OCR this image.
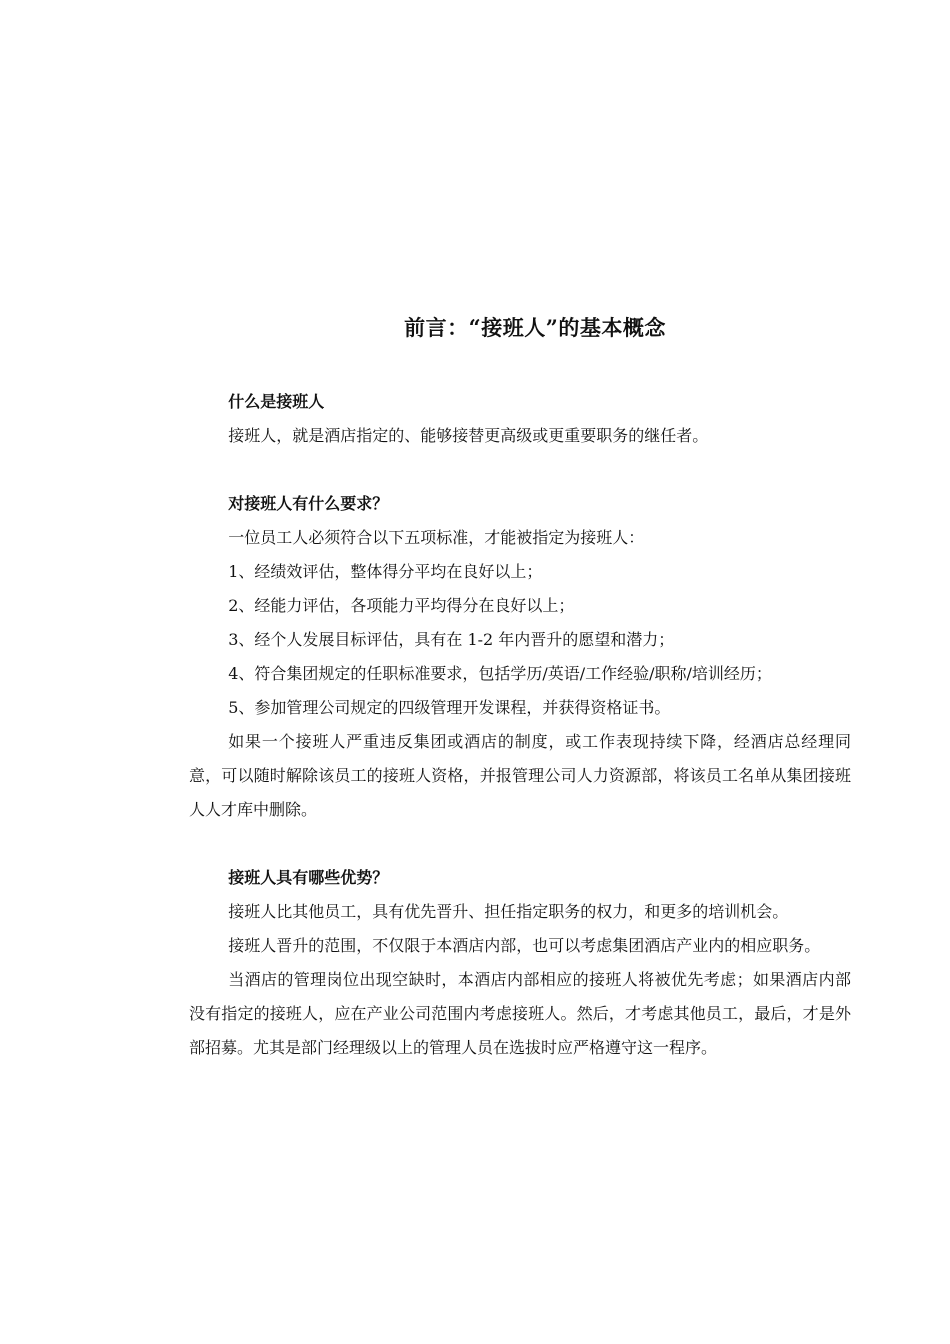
前言：“接班人”的基本概念

什么是接班人

接班人，就是酒店指定的、能够接替更高级或更重要职务的继任者。

对接班人有什么要求？

一位员工人必须符合以下五项标准，才能被指定为接班人：

1、经绩效评估，整体得分平均在良好以上；

2、经能力评估，各项能力平均得分在良好以上；

3、经个人发展目标评估，具有在 1-2 年内晋升的愿望和潜力；

4、符合集团规定的任职标准要求，包括学历/英语/工作经验/职称/培训经历；

5、参加管理公司规定的四级管理开发课程，并获得资格证书。

如果一个接班人严重违反集团或酒店的制度，或工作表现持续下降，经酒店总经理同意，可以随时解除该员工的接班人资格，并报管理公司人力资源部，将该员工名单从集团接班人人才库中删除。

接班人具有哪些优势？

接班人比其他员工，具有优先晋升、担任指定职务的权力，和更多的培训机会。

接班人晋升的范围，不仅限于本酒店内部，也可以考虑集团酒店产业内的相应职务。

当酒店的管理岗位出现空缺时，本酒店内部相应的接班人将被优先考虑；如果酒店内部没有指定的接班人，应在产业公司范围内考虑接班人。然后，才考虑其他员工，最后，才是外部招募。尤其是部门经理级以上的管理人员在选拔时应严格遵守这一程序。
